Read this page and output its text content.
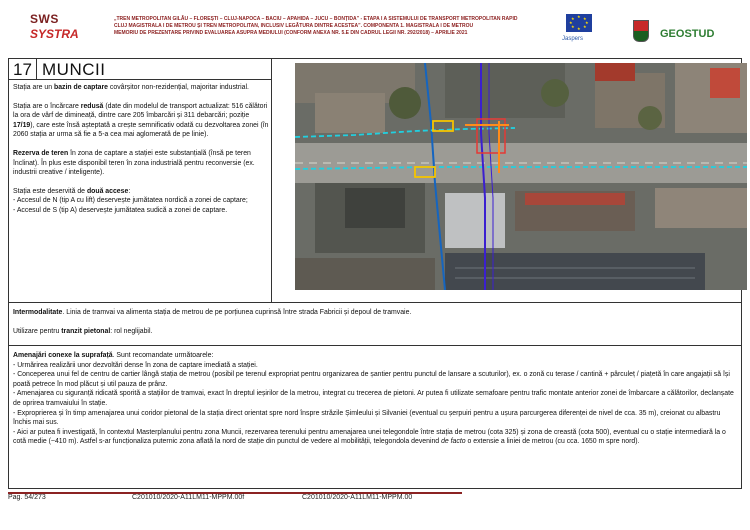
SWS
SYSTRA
„TREN METROPOLITAN GILĂU – FLOREȘTI – CLUJ-NAPOCA – BACIU – APAHIDA – JUCU – BONȚIDA” - ETAPA I A SISTEMULUI DE TRANSPORT METROPOLITAN RAPID
CLUJ MAGISTRALA I DE METROU ȘI TREN METROPOLITAN, INCLUSIV LEGĂTURA DINTRE ACESTEA”. COMPONENTA 1. MAGISTRALA I DE METROU
MEMORIU DE PREZENTARE PRIVIND EVALUAREA ASUPRA MEDIULUI (CONFORM ANEXA NR. 5.E DIN CADRUL LEGII NR. 292/2018) – APRILIE 2021
★ ★
★
★
★
★
★
★
Jaspers	GEOSTUD
17 MUNCII

Stația are un bazin de captare covârșitor non-rezidențial, majoritar industrial.

Stația are o încărcare redusă (date din modelul de transport actualizat: 516 călători la ora de vârf de dimineață, dintre care 205 îmbarcări și 311 debarcări; poziție 17/19), care este însă așteptată a crește semnificativ odată cu dezvoltarea zonei (în 2060 stația ar urma să fie a 5-a cea mai aglomerată de pe linie).

Rezerva de teren în zona de captare a stației este substanțială (însă pe teren înclinat). În plus este disponibil teren în zona industrială pentru reconversie (ex. industrii creative / inteligente).

Stația este deservită de două accese:

- Accesul de N (tip A cu lift) deservește jumătatea nordică a zonei de captare;

- Accesul de S (tip A) deservește jumătatea sudică a zonei de captare.

Intermodalitate. Linia de tramvai va alimenta stația de metrou de pe porțiunea cuprinsă între strada Fabricii și depoul de tramvaie.

Utilizare pentru tranzit pietonal: rol neglijabil.

Amenajări conexe la suprafață. Sunt recomandate următoarele:

- Urmărirea realizării unor dezvoltări dense în zona de captare imediată a stației.

- Conceperea unui fel de centru de cartier lângă stația de metrou (posibil pe terenul expropriat pentru organizarea de șantier pentru punctul de lansare a scuturilor), ex. o zonă cu terase / cantină + pârculeț / piațetă în care angajații să își poată petrece în mod plăcut și util pauza de prânz.

- Amenajarea cu siguranță ridicată sporită a stațiilor de tramvai, exact în dreptul ieșirilor de la metrou, integrat cu trecerea de pietoni. Ar putea fi utilizate semafoare pentru trafic montate anterior zonei de îmbarcare a călătorilor, declanșate de oprirea tramvaiului în stație.

- Exproprierea și în timp amenajarea unui coridor pietonal de la stația direct orientat spre nord înspre străzile Șimleului și Silvaniei (eventual cu șerpuiri pentru a ușura parcurgerea diferenței de nivel de cca. 35 m), creionat cu albastru închis mai sus.

- Aici ar putea fi investigată, în contextul Masterplanului pentru zona Muncii, rezervarea terenului pentru amenajarea unei telegondole între stația de metrou (cota 325) și zona de creastă (cota 500), eventual cu o stație intermediară la o cotă medie (~410 m). Astfel s-ar funcționaliza puternic zona aflată la nord de stație din punctul de vedere al mobilității, telegondola devenind de facto o extensie a liniei de metrou (cu cca. 1650 m spre nord).

Pag. 54/273	C201010/2020-A11LM11-MPPM.00f	C201010/2020-A11LM11-MPPM.00
